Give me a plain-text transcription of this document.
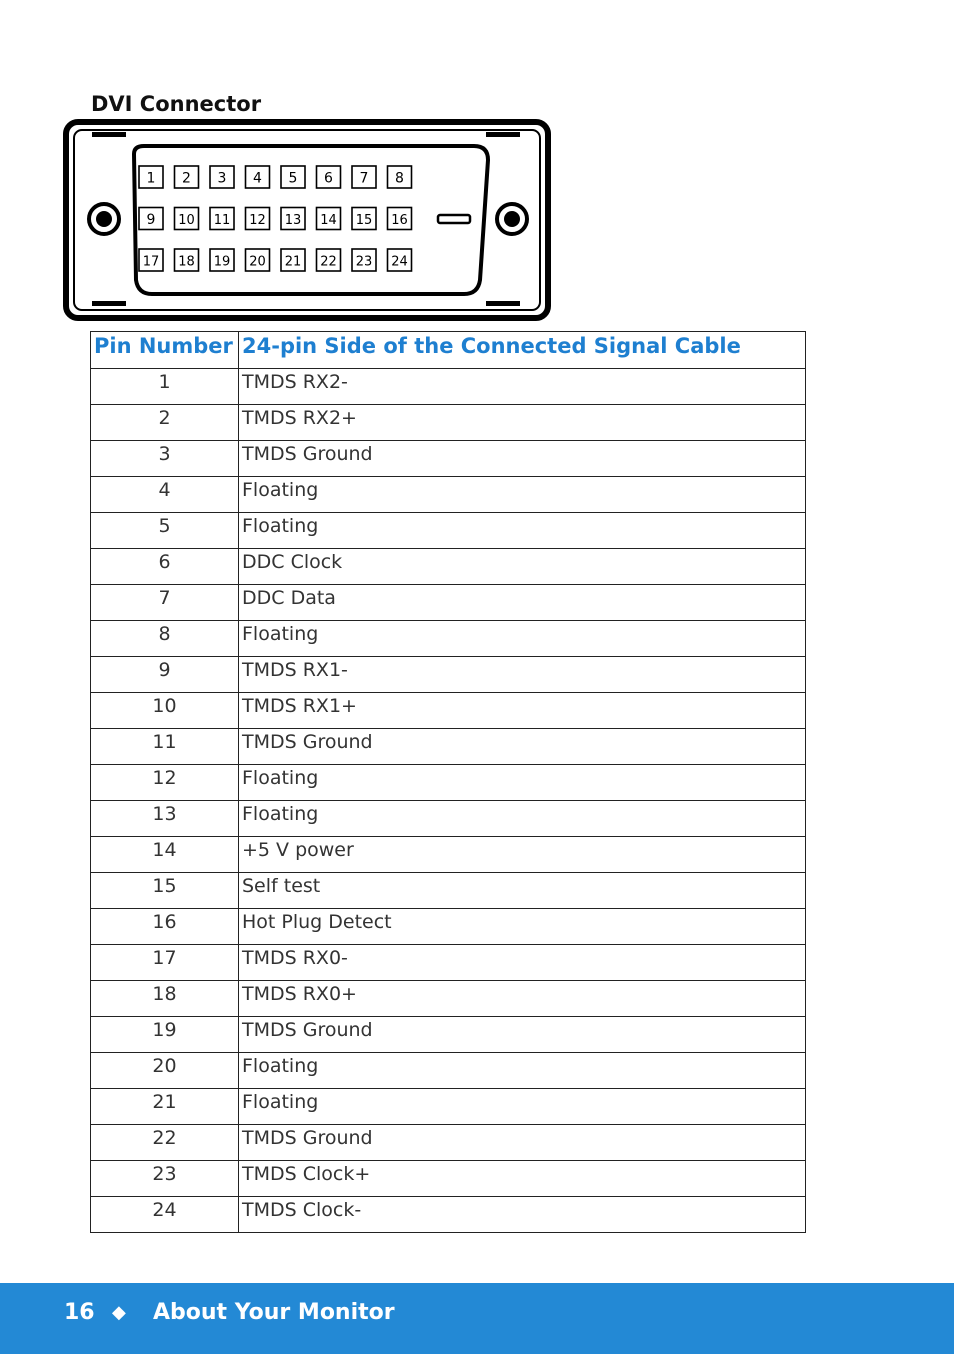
DVI Connector
1 2 3 4 5 6 7 8
9 10 11 12 13 14 15 16
17 18 19 20 21 22 23 24
Pin Number	24-pin Side of the Connected Signal Cable
1	TMDS RX2-
2	TMDS RX2+
3	TMDS Ground
4	Floating
5	Floating
6	DDC Clock
7	DDC Data
8	Floating
9	TMDS RX1-
10	TMDS RX1+
11	TMDS Ground
12	Floating
13	Floating
14	+5 V power
15	Self test
16	Hot Plug Detect
17	TMDS RX0-
18	TMDS RX0+
19	TMDS Ground
20	Floating
21	Floating
22	TMDS Ground
23	TMDS Clock+
24	TMDS Clock-
16 ◆ About Your Monitor
